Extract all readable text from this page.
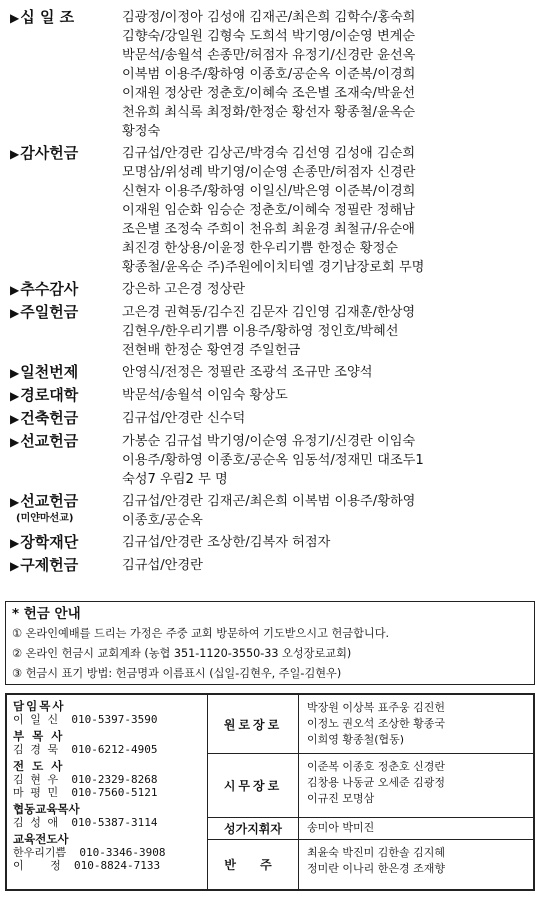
▶십 일 조	김광정/이정아 김성애 김재곤/최은희 김학수/홍숙희
김향숙/강일원 김형숙 도희석 박기영/이순영 변계순
박문석/송월석 손종만/허점자 유정기/신경란 윤선옥
이복범 이용주/황하영 이종호/공순옥 이준복/이경희
이재원 정상란 정춘호/이혜숙 조은별 조재숙/박윤선
천유희 최식록 최정화/한정순 황선자 황종철/윤옥순
황정숙
▶감사헌금	김규섭/안경란 김상곤/박경숙 김선영 김성애 김순희
모명삼/위성례 박기영/이순영 손종만/허점자 신경란
신현자 이용주/황하영 이일신/박은영 이준복/이경희
이재원 임순화 임승순 정춘호/이혜숙 정필란 정해남
조은별 조정숙 주희이 천유희 최윤경 최철규/유순애
최진경 한상용/이윤정 한우리기쁨 한정순 황정순
황종철/윤옥순 주)주원에이치티엘 경기남장로회 무명
▶추수감사	강은하 고은경 정상란
▶주일헌금	고은경 권혁동/김수진 김문자 김인영 김재훈/한상영
김현우/한우리기쁨 이용주/황하영 정인호/박혜선
전현배 한정순 황연경 주일헌금
▶일천번제	안영식/전정은 정필란 조광석 조규만 조양석
▶경로대학	박문석/송월석 이임숙 황상도
▶건축헌금	김규섭/안경란 신수덕
▶선교헌금	가봉순 김규섭 박기영/이순영 유정기/신경란 이임숙
이용주/황하영 이종호/공순옥 임동석/정재민 대조두1
숙성7 우림2 무 명
▶선교헌금
(미얀마선교)
김규섭/안경란 김재곤/최은희 이복범 이용주/황하영
이종호/공순옥
▶장학재단	김규섭/안경란 조상한/김복자 허점자
▶구제헌금	김규섭/안경란
* 헌금 안내
① 온라인예배를 드리는 가정은 주중 교회 방문하여 기도받으시고 헌금합니다.
② 온라인 헌금시 교회계좌 (농협 351-1120-3550-33 오성장로교회)
③ 헌금시 표기 방법: 헌금명과 이름표시 (십일-김현우, 주일-김현우)
담임목사
이 일 신  010-5397-3590
부 목 사
김 경 묵  010-6212-4905
전 도 사
김 현 우  010-2329-8268
마 평 민  010-7560-5121
협동교육목사
김 성 애  010-5387-3114
교육전도사
한우리기쁨  010-3346-3908
이    정  010-8824-7133
원로장로
박장원 이상복 표주웅 김진헌
이정노 권오석 조상한 황종국
이희영 황종철(협동)
시무장로
이준복 이종호 정춘호 신경란
김창용 나동균 오세준 김광정
이규진 모명삼
성가지휘자	송미아 박미진
반 주
최윤숙 박진미 김한솔 김지혜
정미란 이나리 한은경 조재향
